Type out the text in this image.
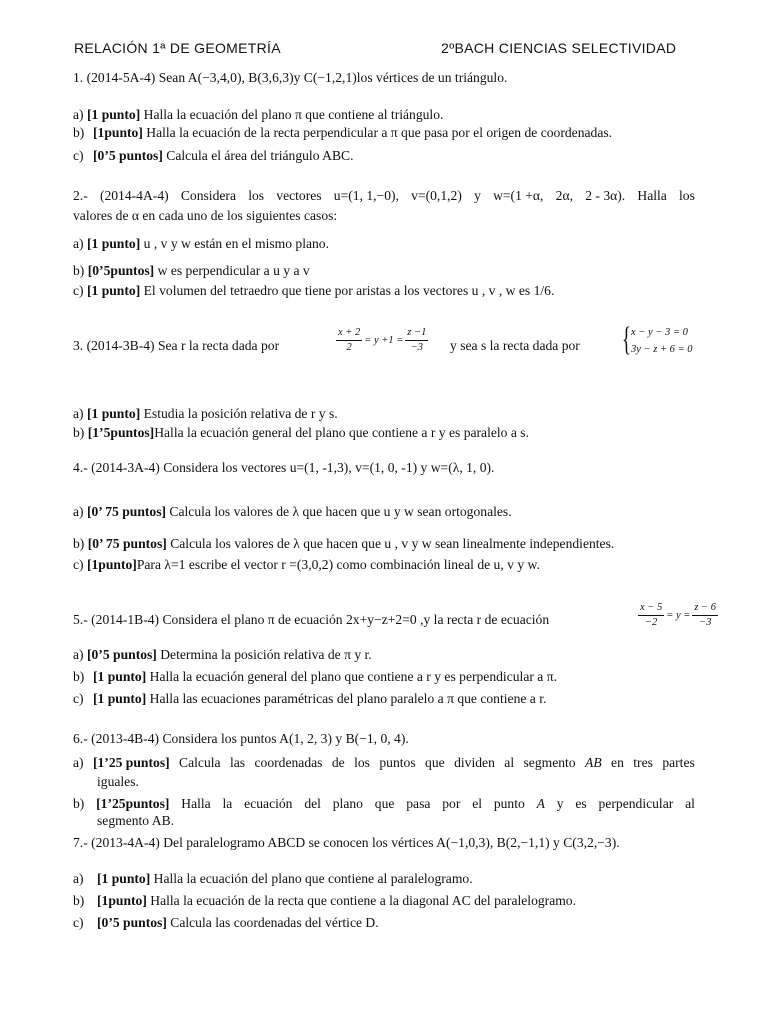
RELACIÓN 1ª DE GEOMETRÍA	2ºBACH CIENCIAS SELECTIVIDAD
1. (2014-5A-4) Sean A(−3,4,0), B(3,6,3)y C(−1,2,1)los vértices de un triángulo.
a) [1 punto] Halla la ecuación del plano π que contiene al triángulo.
b) [1punto] Halla la ecuación de la recta perpendicular a π que pasa por el origen de coordenadas.
c) [0’5 puntos] Calcula el área del triángulo ABC.
2.- (2014-4A-4) Considera los vectores u=(1, 1,−0), v=(0,1,2) y w=(1 +α, 2α, 2 - 3α). Halla los
valores de α en cada uno de los siguientes casos:
a) [1 punto] u , v y w están en el mismo plano.
b) [0’5puntos] w es perpendicular a u y a v
c) [1 punto] El volumen del tetraedro que tiene por aristas a los vectores u , v , w es 1/6.
3. (2014-3B-4) Sea r la recta dada por	$\frac{x + 2}{2} = y +1 = \frac{z -1}{-3}$ y sea s la recta dada por	{ x − y − 3 = 0
3y − z + 6 = 0
a) [1 punto] Estudia la posición relativa de r y s.
b) [1’5puntos]Halla la ecuación general del plano que contiene a r y es paralelo a s.
4.- (2014-3A-4) Considera los vectores u=(1, -1,3), v=(1, 0, -1) y w=(λ, 1, 0).
a) [0’ 75 puntos] Calcula los valores de λ que hacen que u y w sean ortogonales.
b) [0’ 75 puntos] Calcula los valores de λ que hacen que u , v y w sean linealmente independientes.
c) [1punto]Para λ=1 escribe el vector r =(3,0,2) como combinación lineal de u, v y w.
5.- (2014-1B-4) Considera el plano π de ecuación 2x+y−z+2=0 ,y la recta r de ecuación	$\frac{x - 5}{-2} = y = \frac{z - 6}{-3}$
a) [0’5 puntos] Determina la posición relativa de π y r.
b) [1 punto] Halla la ecuación general del plano que contiene a r y es perpendicular a π.
c) [1 punto] Halla las ecuaciones paramétricas del plano paralelo a π que contiene a r.
6.- (2013-4B-4) Considera los puntos A(1, 2, 3) y B(−1, 0, 4).
a) [1’25 puntos] Calcula las coordenadas de los puntos que dividen al segmento AB en tres partes
iguales.
b) [1’25puntos] Halla la ecuación del plano que pasa por el punto A y es perpendicular al
segmento AB.
7.- (2013-4A-4) Del paralelogramo ABCD se conocen los vértices A(−1,0,3), B(2,−1,1) y C(3,2,−3).
a) [1 punto] Halla la ecuación del plano que contiene al paralelogramo.
b) [1punto] Halla la ecuación de la recta que contiene a la diagonal AC del paralelogramo.
c) [0’5 puntos] Calcula las coordenadas del vértice D.
